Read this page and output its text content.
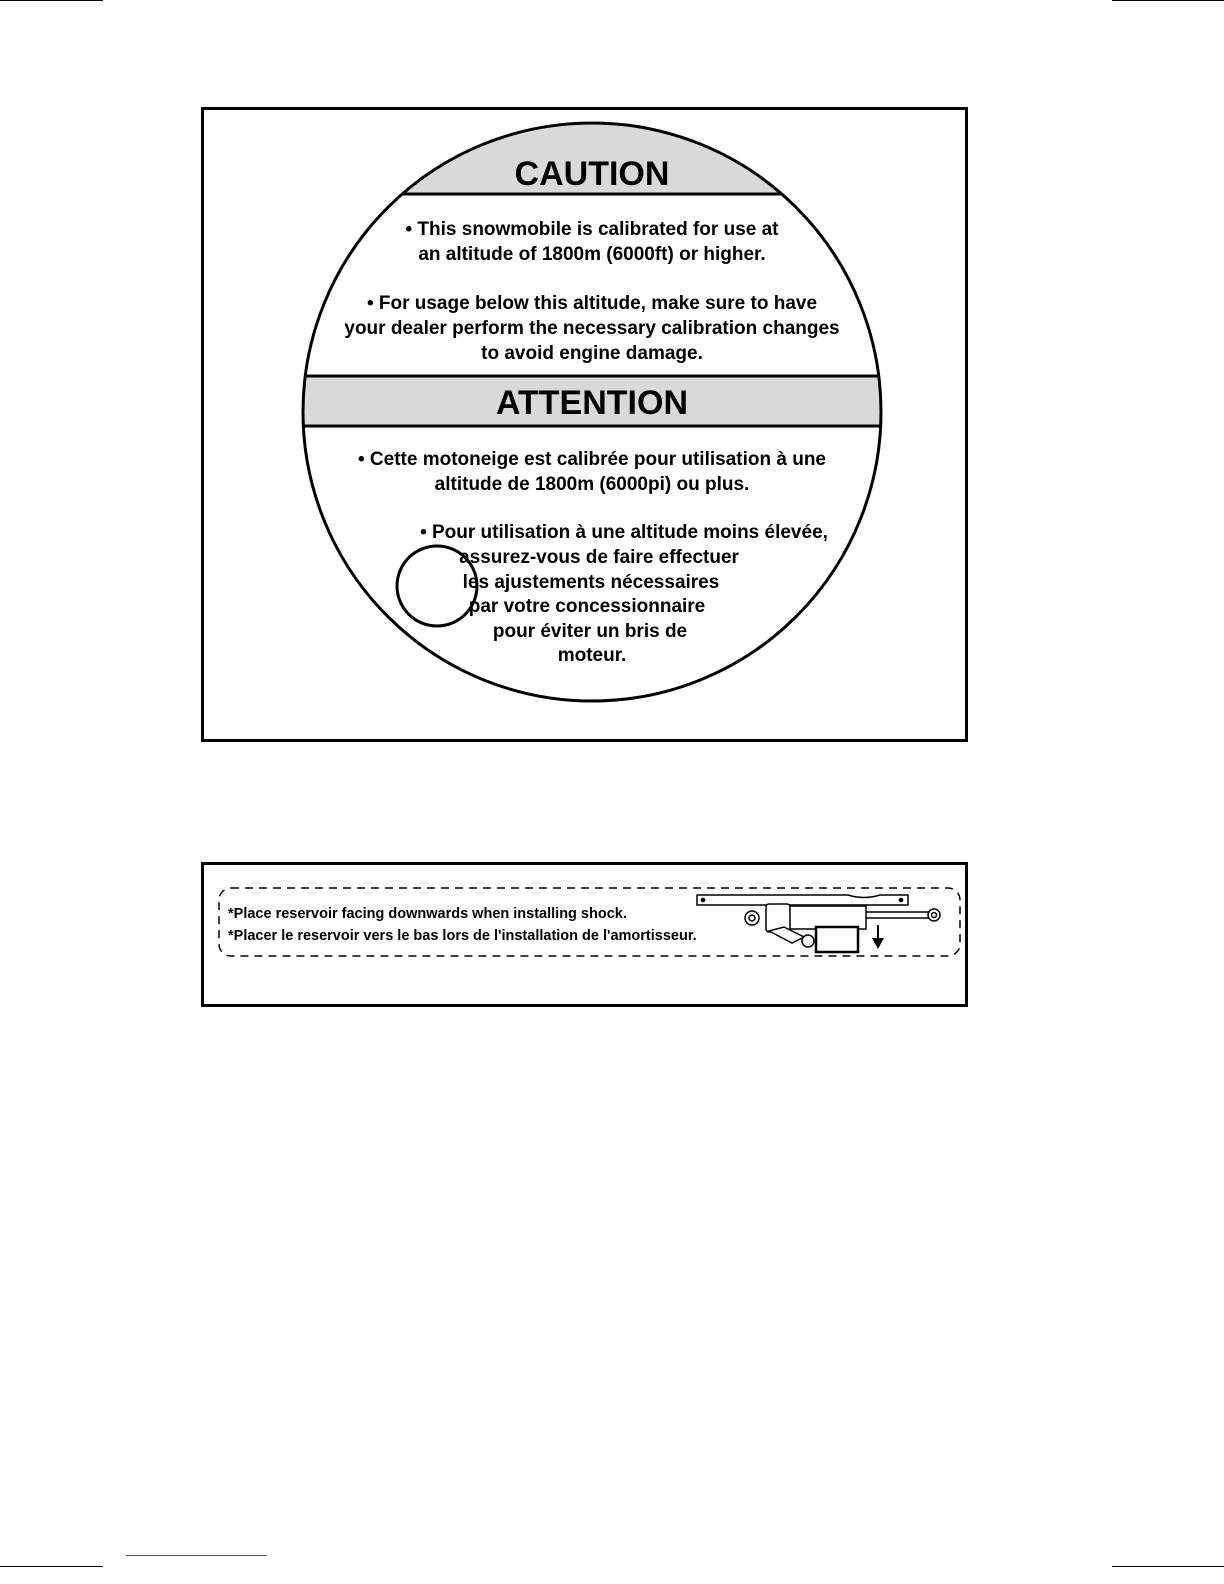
CAUTION
• This snowmobile is calibrated for use at
an altitude of 1800m (6000ft) or higher.
• For usage below this altitude, make sure to have
your dealer perform the necessary calibration changes
to avoid engine damage.
ATTENTION
• Cette motoneige est calibrée pour utilisation à une
altitude de 1800m (6000pi) ou plus.
• Pour utilisation à une altitude moins élevée,
assurez-vous de faire effectuer
les ajustements nécessaires
par votre concessionnaire
pour éviter un bris de
moteur.
*Place reservoir facing downwards when installing shock.
*Placer le reservoir vers le bas lors de l'installation de l'amortisseur.
